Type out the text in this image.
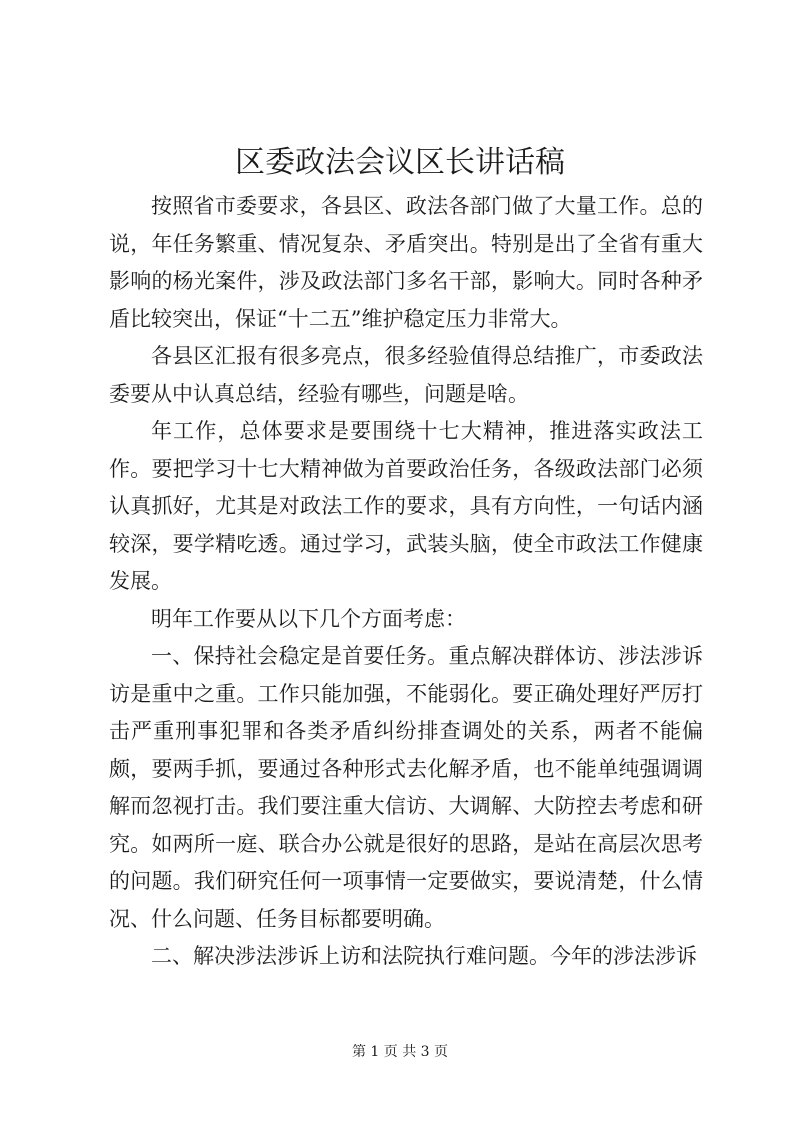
区委政法会议区长讲话稿

按照省市委要求，各县区、政法各部门做了大量工作。总的说，年任务繁重、情况复杂、矛盾突出。特别是出了全省有重大影响的杨光案件，涉及政法部门多名干部，影响大。同时各种矛盾比较突出，保证“十二五”维护稳定压力非常大。

各县区汇报有很多亮点，很多经验值得总结推广，市委政法委要从中认真总结，经验有哪些，问题是啥。

年工作，总体要求是要围绕十七大精神，推进落实政法工作。要把学习十七大精神做为首要政治任务，各级政法部门必须认真抓好，尤其是对政法工作的要求，具有方向性，一句话内涵较深，要学精吃透。通过学习，武装头脑，使全市政法工作健康发展。

明年工作要从以下几个方面考虑：

一、保持社会稳定是首要任务。重点解决群体访、涉法涉诉访是重中之重。工作只能加强，不能弱化。要正确处理好严厉打击严重刑事犯罪和各类矛盾纠纷排查调处的关系，两者不能偏颇，要两手抓，要通过各种形式去化解矛盾，也不能单纯强调调解而忽视打击。我们要注重大信访、大调解、大防控去考虑和研究。如两所一庭、联合办公就是很好的思路，是站在高层次思考的问题。我们研究任何一项事情一定要做实，要说清楚，什么情况、什么问题、任务目标都要明确。

二、解决涉法涉诉上访和法院执行难问题。今年的涉法涉诉

第 1 页 共 3 页
